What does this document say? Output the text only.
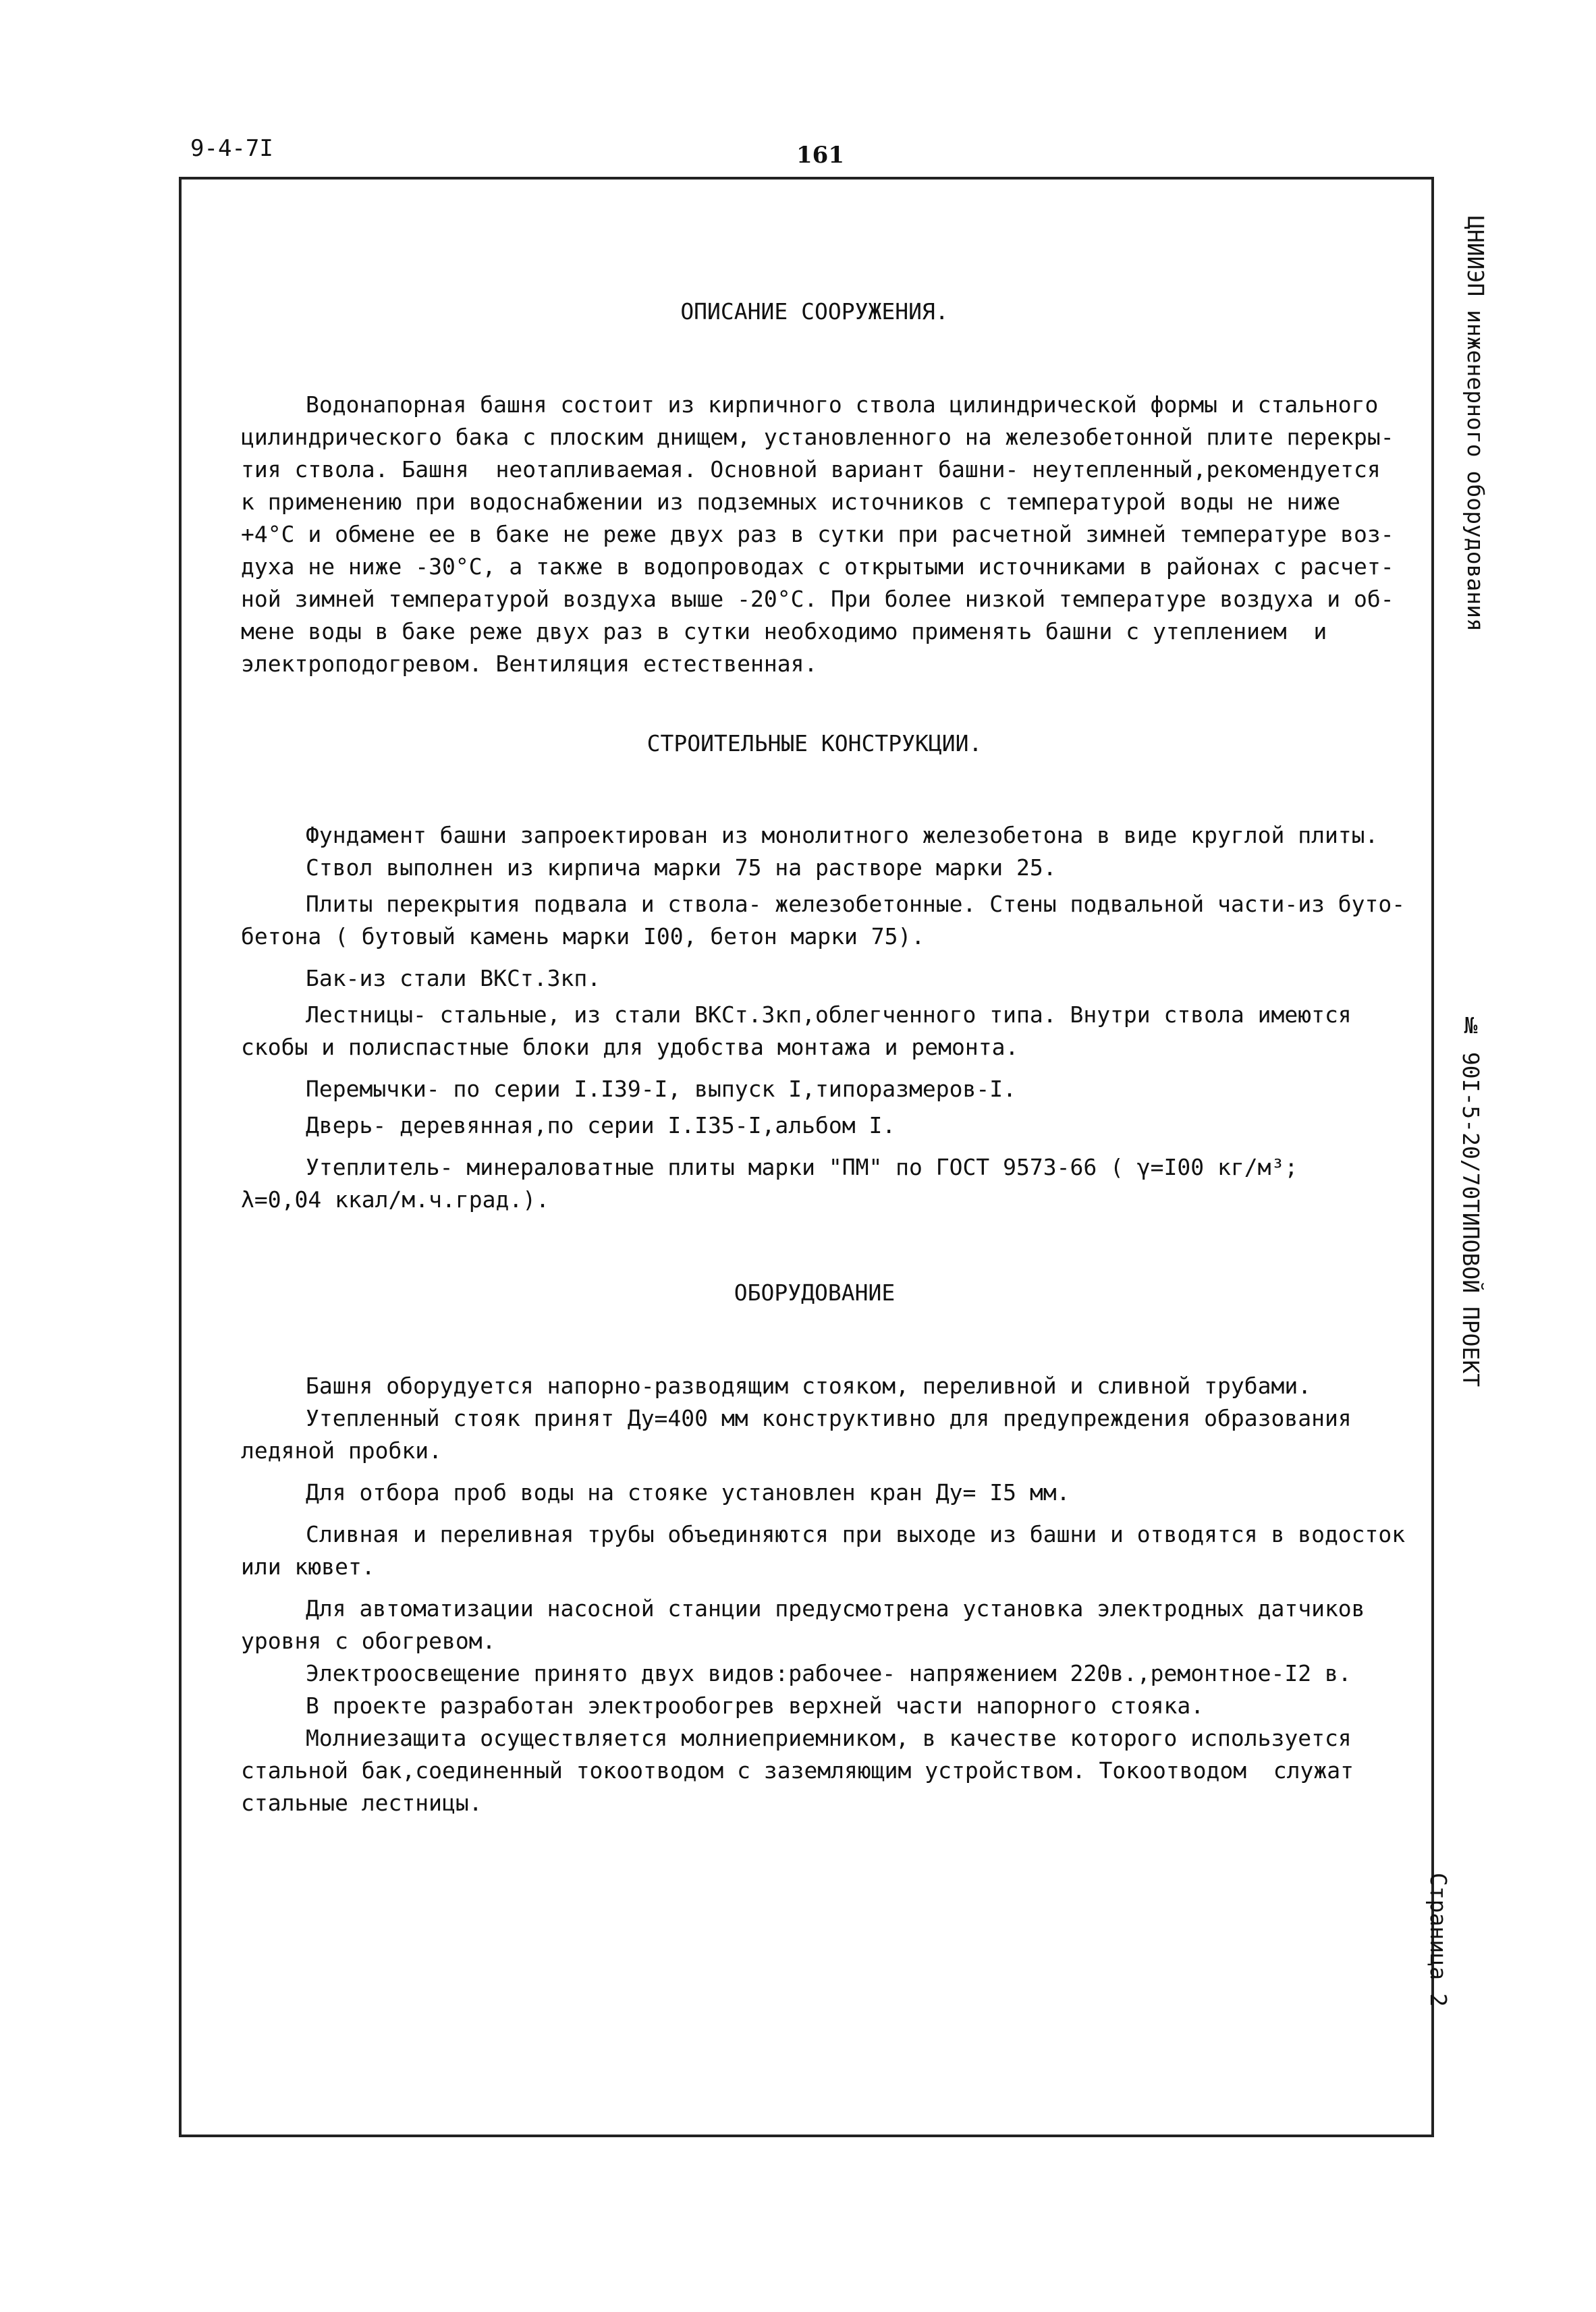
9-4-7I	161
ОПИСАНИЕ СООРУЖЕНИЯ.
Водонапорная башня состоит из кирпичного ствола цилиндрической формы и стального
цилиндрического бака с плоским днищем, установленного на железобетонной плите перекры-
тия ствола. Башня  неотапливаемая. Основной вариант башни- неутепленный,рекомендуется
к применению при водоснабжении из подземных источников с температурой воды не ниже
+4°С и обмене ее в баке не реже двух раз в сутки при расчетной зимней температуре воз-
духа не ниже -30°С, а также в водопроводах с открытыми источниками в районах с расчет-
ной зимней температурой воздуха выше -20°С. При более низкой температуре воздуха и об-
мене воды в баке реже двух раз в сутки необходимо применять башни с утеплением  и
электроподогревом. Вентиляция естественная.
СТРОИТЕЛЬНЫЕ КОНСТРУКЦИИ.
Фундамент башни запроектирован из монолитного железобетона в виде круглой плиты.
Ствол выполнен из кирпича марки 75 на растворе марки 25.
Плиты перекрытия подвала и ствола- железобетонные. Стены подвальной части-из буто-
бетона ( бутовый камень марки I00, бетон марки 75).
Бак-из стали ВКСт.3кп.
Лестницы- стальные, из стали ВКСт.3кп,облегченного типа. Внутри ствола имеются
скобы и полиспастные блоки для удобства монтажа и ремонта.
Перемычки- по серии I.I39-I, выпуск I,типоразмеров-I.
Дверь- деревянная,по серии I.I35-I,альбом I.
Утеплитель- минераловатные плиты марки "ПМ" по ГОСТ 9573-66 ( γ=I00 кг/м³;
λ=0,04 ккал/м.ч.град.).
ОБОРУДОВАНИЕ
Башня оборудуется напорно-разводящим стояком, переливной и сливной трубами.
Утепленный стояк принят Ду=400 мм конструктивно для предупреждения образования
ледяной пробки.
Для отбора проб воды на стояке установлен кран Ду= I5 мм.
Сливная и переливная трубы объединяются при выходе из башни и отводятся в водосток
или кювет.
Для автоматизации насосной станции предусмотрена установка электродных датчиков
уровня с обогревом.
Электроосвещение принято двух видов:рабочее- напряжением 220в.,ремонтное-I2 в.
В проекте разработан электрообогрев верхней части напорного стояка.
Молниезащита осуществляется молниеприемником, в качестве которого используется
стальной бак,соединенный токоотводом с заземляющим устройством. Токоотводом  служат
стальные лестницы.
ЦНИИЭП инженерного оборудования
ТИПОВОЙ ПРОЕКТ
№ 90I-5-20/70
Страница 2
